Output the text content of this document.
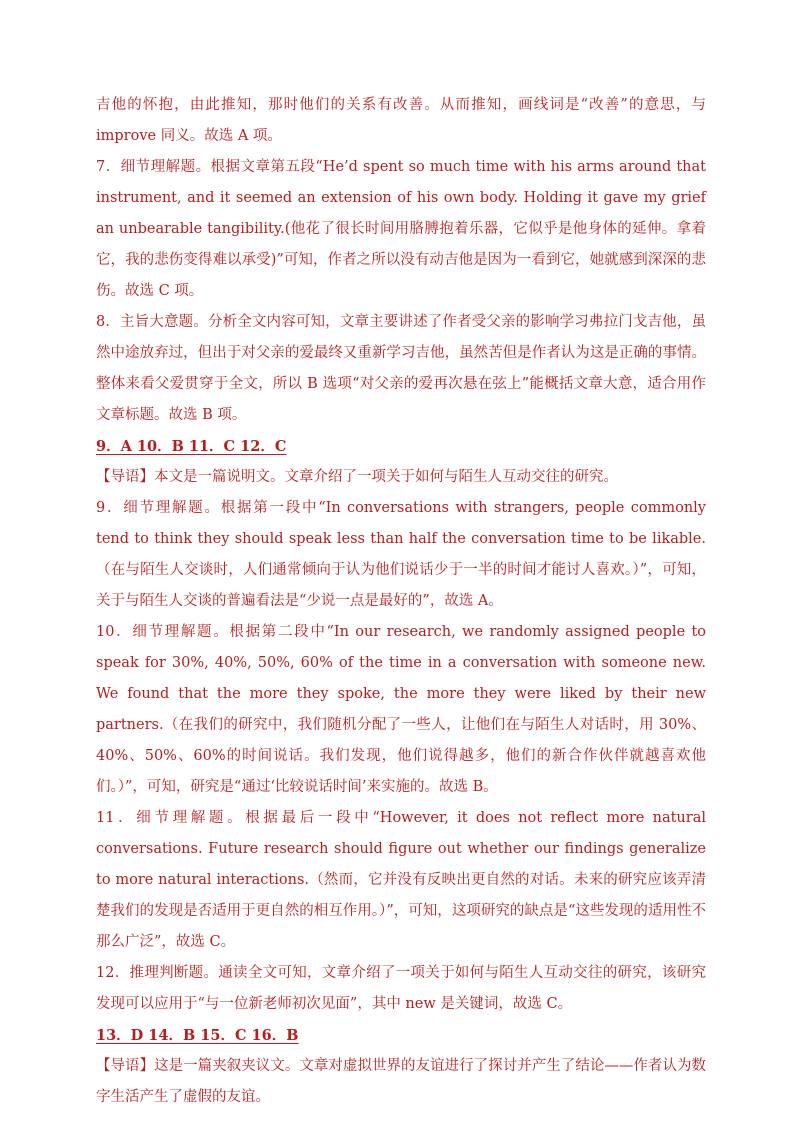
吉他的怀抱，由此推知，那时他们的关系有改善。从而推知，画线词是“改善”的意思，与 improve 同义。故选 A 项。

7．细节理解题。根据文章第五段“He’d spent so much time with his arms around that instrument, and it seemed an extension of his own body. Holding it gave my grief an unbearable tangibility.(他花了很长时间用胳膊抱着乐器，它似乎是他身体的延伸。拿着它，我的悲伤变得难以承受)”可知，作者之所以没有动吉他是因为一看到它，她就感到深深的悲伤。故选 C 项。

8．主旨大意题。分析全文内容可知，文章主要讲述了作者受父亲的影响学习弗拉门戈吉他，虽然中途放弃过，但出于对父亲的爱最终又重新学习吉他，虽然苦但是作者认为这是正确的事情。整体来看父爱贯穿于全文，所以 B 选项“对父亲的爱再次悬在弦上”能概括文章大意，适合用作文章标题。故选 B 项。

9．A 10．B 11．C 12．C

【导语】本文是一篇说明文。文章介绍了一项关于如何与陌生人互动交往的研究。

9．细节理解题。根据第一段中“In conversations with strangers, people commonly tend to think they should speak less than half the conversation time to be likable.（在与陌生人交谈时，人们通常倾向于认为他们说话少于一半的时间才能讨人喜欢。）”，可知，关于与陌生人交谈的普遍看法是“少说一点是最好的”，故选 A。

10．细节理解题。根据第二段中“In our research, we randomly assigned people to speak for 30%, 40%, 50%, 60% of the time in a conversation with someone new. We found that the more they spoke, the more they were liked by their new partners.（在我们的研究中，我们随机分配了一些人，让他们在与陌生人对话时，用 30%、40%、50%、60%的时间说话。我们发现，他们说得越多，他们的新合作伙伴就越喜欢他们。）”，可知，研究是“通过‘比较说话时间’来实施的。故选 B。

11．细节理解题。根据最后一段中“However, it does not reflect more natural conversations. Future research should figure out whether our findings generalize to more natural interactions.（然而，它并没有反映出更自然的对话。未来的研究应该弄清楚我们的发现是否适用于更自然的相互作用。）”，可知，这项研究的缺点是“这些发现的适用性不那么广泛”，故选 C。

12．推理判断题。通读全文可知，文章介绍了一项关于如何与陌生人互动交往的研究，该研究发现可以应用于“与一位新老师初次见面”，其中 new 是关键词，故选 C。

13．D 14．B 15．C 16．B

【导语】这是一篇夹叙夹议文。文章对虚拟世界的友谊进行了探讨并产生了结论——作者认为数字生活产生了虚假的友谊。
